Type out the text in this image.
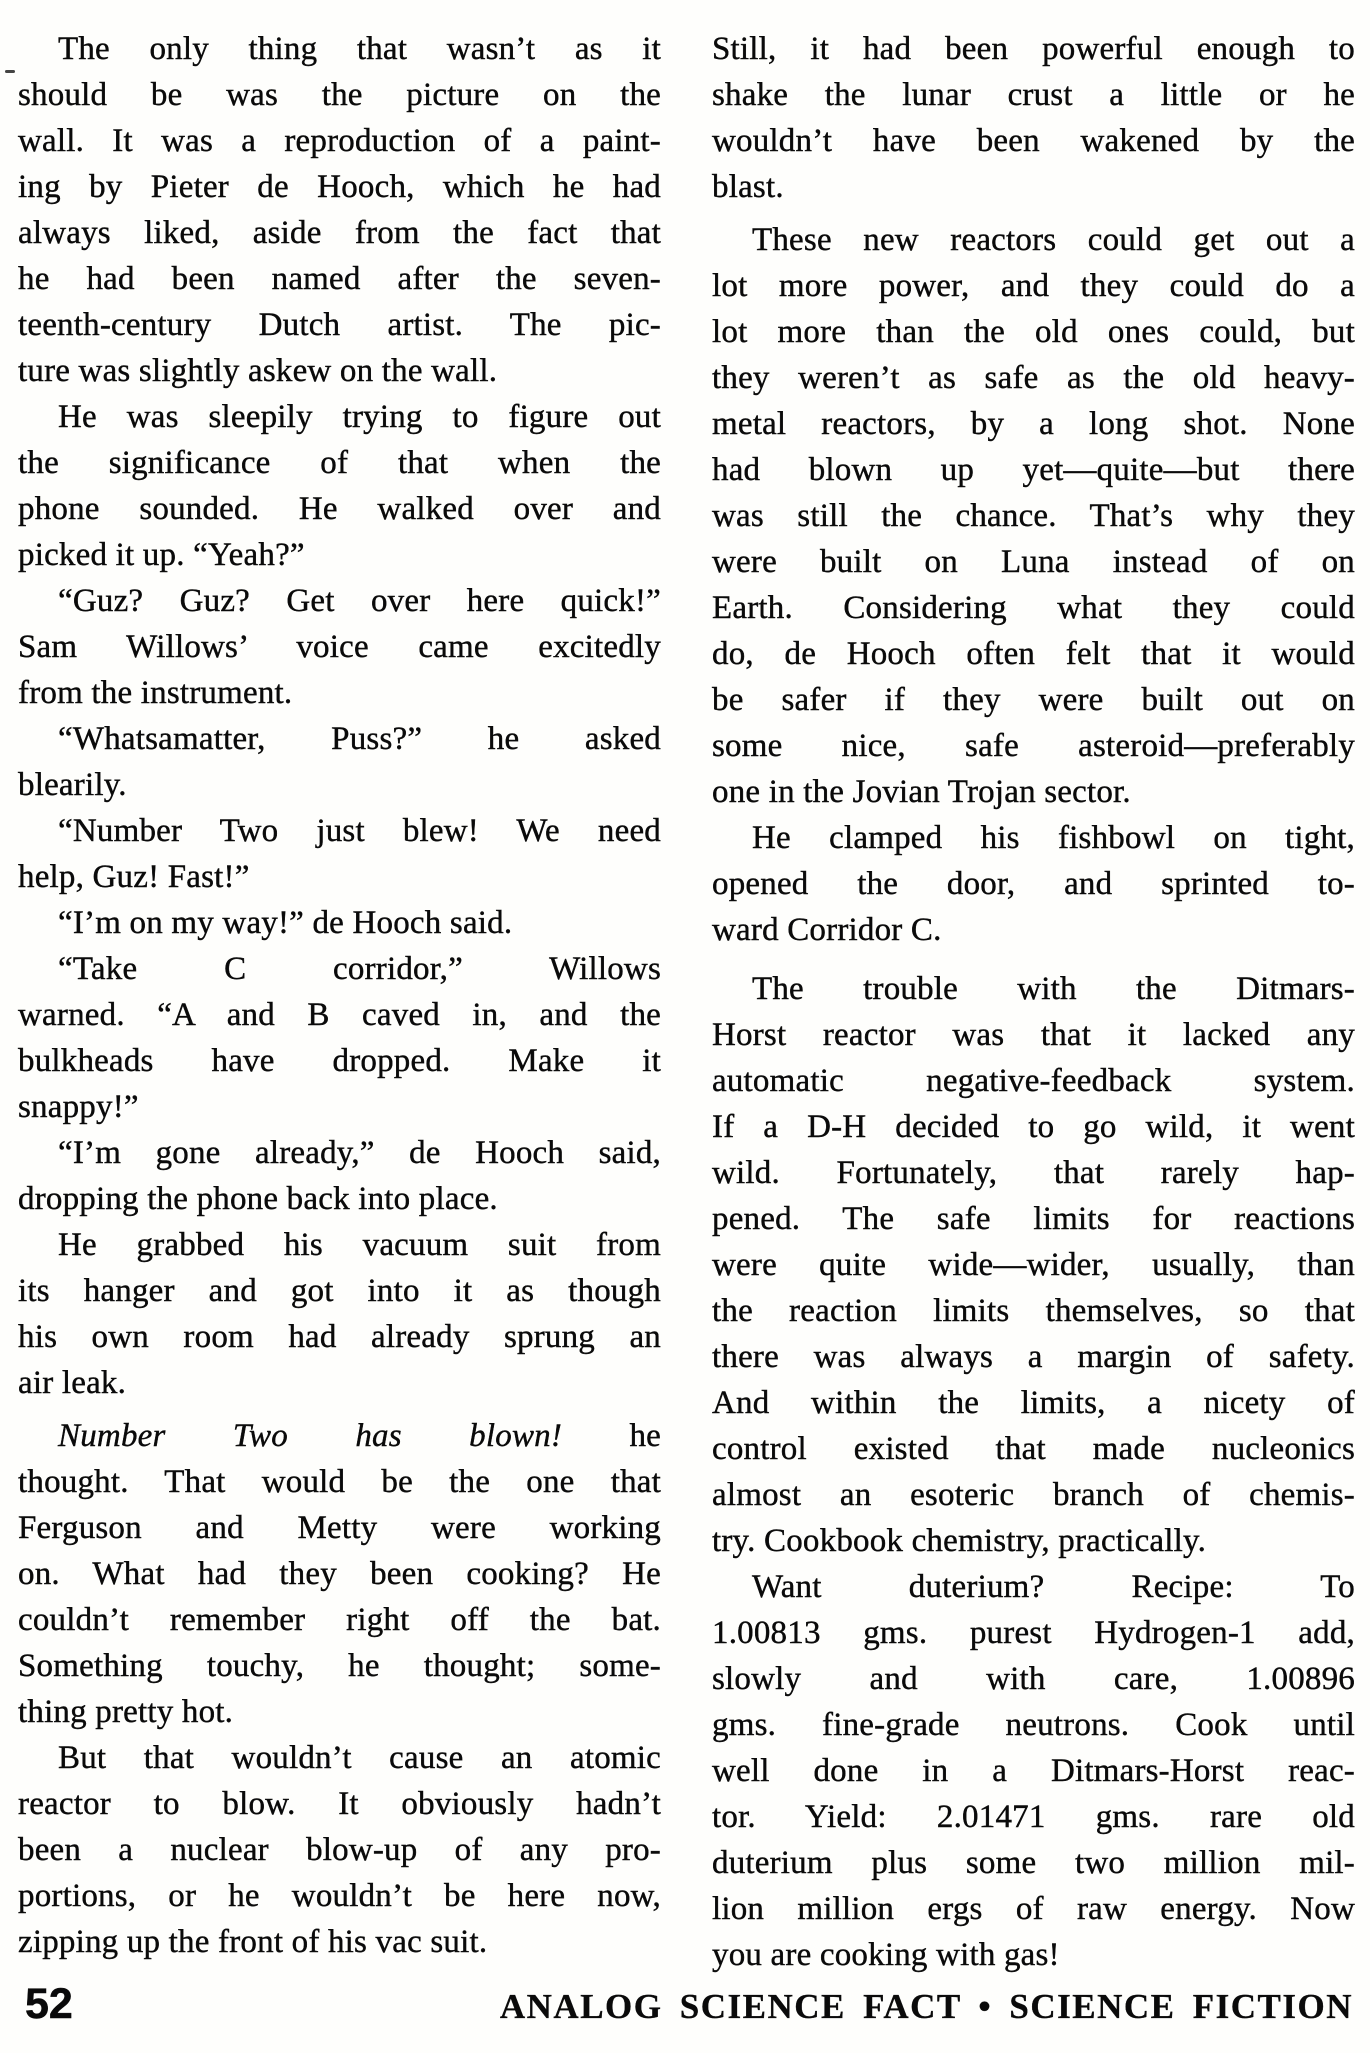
The only thing that wasn’t as it
should be was the picture on the
wall. It was a reproduction of a paint-
ing by Pieter de Hooch, which he had
always liked, aside from the fact that
he had been named after the seven-
teenth-century Dutch artist. The pic-
ture was slightly askew on the wall.
He was sleepily trying to figure out
the significance of that when the
phone sounded. He walked over and
picked it up. “Yeah?”
“Guz? Guz? Get over here quick!”
Sam Willows’ voice came excitedly
from the instrument.
“Whatsamatter, Puss?” he asked
blearily.
“Number Two just blew! We need
help, Guz! Fast!”
“I’m on my way!” de Hooch said.
“Take C corridor,” Willows
warned. “A and B caved in, and the
bulkheads have dropped. Make it
snappy!”
“I’m gone already,” de Hooch said,
dropping the phone back into place.
He grabbed his vacuum suit from
its hanger and got into it as though
his own room had already sprung an
air leak.
Number Two has blown! he
thought. That would be the one that
Ferguson and Metty were working
on. What had they been cooking? He
couldn’t remember right off the bat.
Something touchy, he thought; some-
thing pretty hot.
But that wouldn’t cause an atomic
reactor to blow. It obviously hadn’t
been a nuclear blow-up of any pro-
portions, or he wouldn’t be here now,
zipping up the front of his vac suit.
Still, it had been powerful enough to
shake the lunar crust a little or he
wouldn’t have been wakened by the
blast.
These new reactors could get out a
lot more power, and they could do a
lot more than the old ones could, but
they weren’t as safe as the old heavy-
metal reactors, by a long shot. None
had blown up yet—quite—but there
was still the chance. That’s why they
were built on Luna instead of on
Earth. Considering what they could
do, de Hooch often felt that it would
be safer if they were built out on
some nice, safe asteroid—preferably
one in the Jovian Trojan sector.
He clamped his fishbowl on tight,
opened the door, and sprinted to-
ward Corridor C.
The trouble with the Ditmars-
Horst reactor was that it lacked any
automatic negative-feedback system.
If a D-H decided to go wild, it went
wild. Fortunately, that rarely hap-
pened. The safe limits for reactions
were quite wide—wider, usually, than
the reaction limits themselves, so that
there was always a margin of safety.
And within the limits, a nicety of
control existed that made nucleonics
almost an esoteric branch of chemis-
try. Cookbook chemistry, practically.
Want duterium? Recipe: To
1.00813 gms. purest Hydrogen-1 add,
slowly and with care, 1.00896
gms. fine-grade neutrons. Cook until
well done in a Ditmars-Horst reac-
tor. Yield: 2.01471 gms. rare old
duterium plus some two million mil-
lion million ergs of raw energy. Now
you are cooking with gas!
52	ANALOG SCIENCE FACT • SCIENCE FICTION
